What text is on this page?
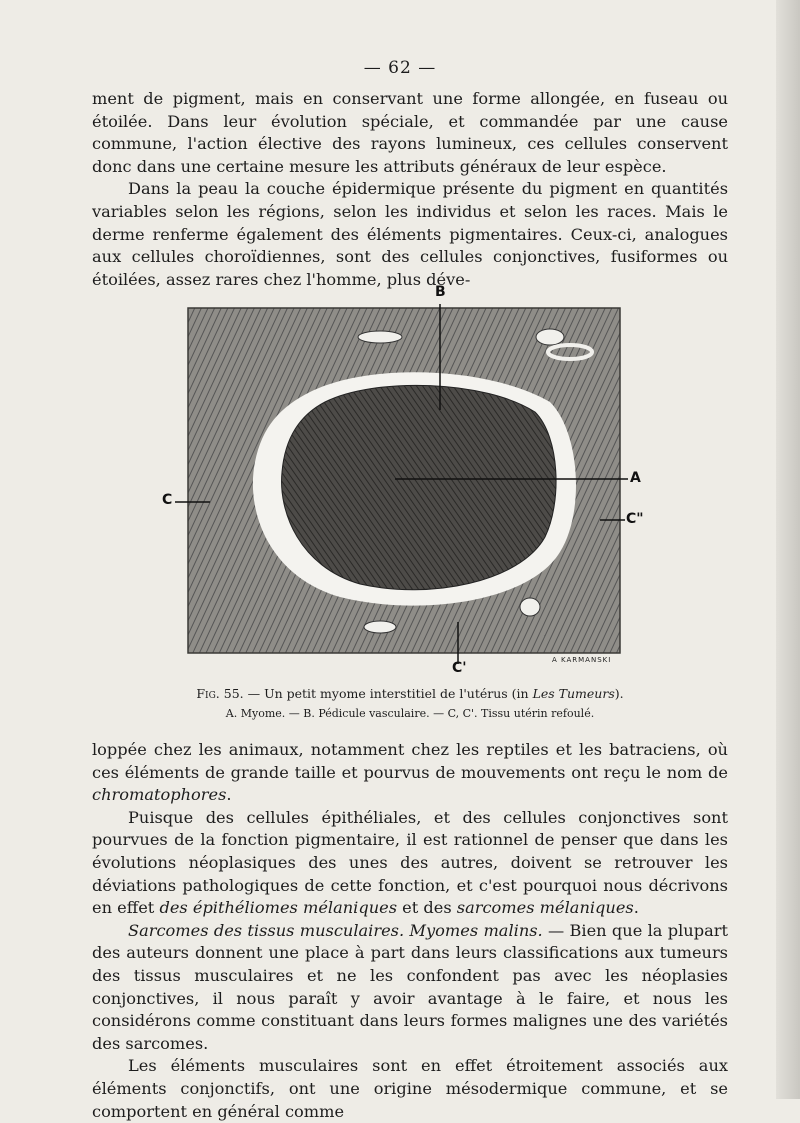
— 62 —

ment de pigment, mais en conservant une forme allongée, en fuseau ou étoilée. Dans leur évolution spéciale, et commandée par une cause commune, l'action élective des rayons lumineux, ces cellules conservent donc dans une certaine mesure les attributs généraux de leur espèce.

Dans la peau la couche épidermique présente du pigment en quantités variables selon les régions, selon les individus et selon les races. Mais le derme renferme également des éléments pigmentaires. Ceux-ci, analogues aux cellules choroïdiennes, sont des cellules conjonctives, fusiformes ou étoilées, assez rares chez l'homme, plus déve-

B
A
C
C"
C'	A KARMANSKI
Fig. 55. — Un petit myome interstitiel de l'utérus (in Les Tumeurs).
A. Myome. — B. Pédicule vasculaire. — C, C'. Tissu utérin refoulé.

loppée chez les animaux, notamment chez les reptiles et les batraciens, où ces éléments de grande taille et pourvus de mouvements ont reçu le nom de chromatophores.

Puisque des cellules épithéliales, et des cellules conjonctives sont pourvues de la fonction pigmentaire, il est rationnel de penser que dans les évolutions néoplasiques des unes des autres, doivent se retrouver les déviations pathologiques de cette fonction, et c'est pourquoi nous décrivons en effet des épithéliomes mélaniques et des sarcomes mélaniques.

Sarcomes des tissus musculaires. Myomes malins. — Bien que la plupart des auteurs donnent une place à part dans leurs classifications aux tumeurs des tissus musculaires et ne les confondent pas avec les néoplasies conjonctives, il nous paraît y avoir avantage à le faire, et nous les considérons comme constituant dans leurs formes malignes une des variétés des sarcomes.

Les éléments musculaires sont en effet étroitement associés aux éléments conjonctifs, ont une origine mésodermique commune, et se comportent en général comme
